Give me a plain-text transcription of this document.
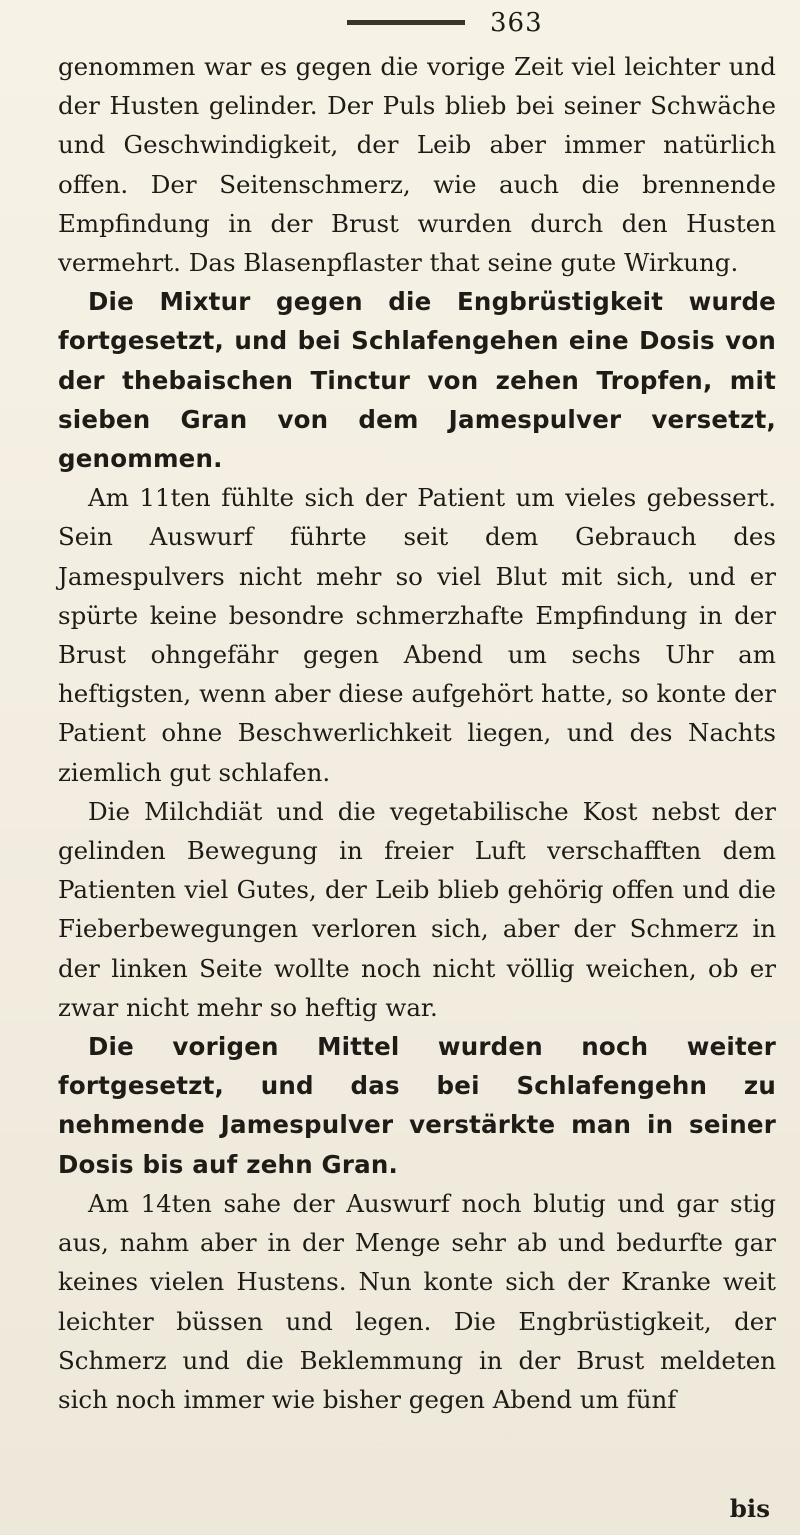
363

genommen war es gegen die vorige Zeit viel leichter und der Husten gelinder. Der Puls blieb bei seiner Schwäche und Geschwindigkeit, der Leib aber immer natürlich offen. Der Seitenschmerz, wie auch die brennende Empfindung in der Brust wurden durch den Husten vermehrt. Das Blasenpflaster that seine gute Wirkung.

Die Mixtur gegen die Engbrüstigkeit wurde fortgesetzt, und bei Schlafengehen eine Dosis von der thebaischen Tinctur von zehen Tropfen, mit sieben Gran von dem Jamespulver versetzt, genommen.

Am 11ten fühlte sich der Patient um vieles gebessert. Sein Auswurf führte seit dem Gebrauch des Jamespulvers nicht mehr so viel Blut mit sich, und er spürte keine besondre schmerzhafte Empfindung in der Brust ohngefähr gegen Abend um sechs Uhr am heftigsten, wenn aber diese aufgehört hatte, so konte der Patient ohne Beschwerlichkeit liegen, und des Nachts ziemlich gut schlafen.

Die Milchdiät und die vegetabilische Kost nebst der gelinden Bewegung in freier Luft verschafften dem Patienten viel Gutes, der Leib blieb gehörig offen und die Fieberbewegungen verloren sich, aber der Schmerz in der linken Seite wollte noch nicht völlig weichen, ob er zwar nicht mehr so heftig war.

Die vorigen Mittel wurden noch weiter fortgesetzt, und das bei Schlafengehn zu nehmende Jamespulver verstärkte man in seiner Dosis bis auf zehn Gran.

Am 14ten sahe der Auswurf noch blutig und gar stig aus, nahm aber in der Menge sehr ab und bedurfte gar keines vielen Hustens. Nun konte sich der Kranke weit leichter büssen und legen. Die Engbrüstigkeit, der Schmerz und die Beklemmung in der Brust meldeten sich noch immer wie bisher gegen Abend um fünf

bis
